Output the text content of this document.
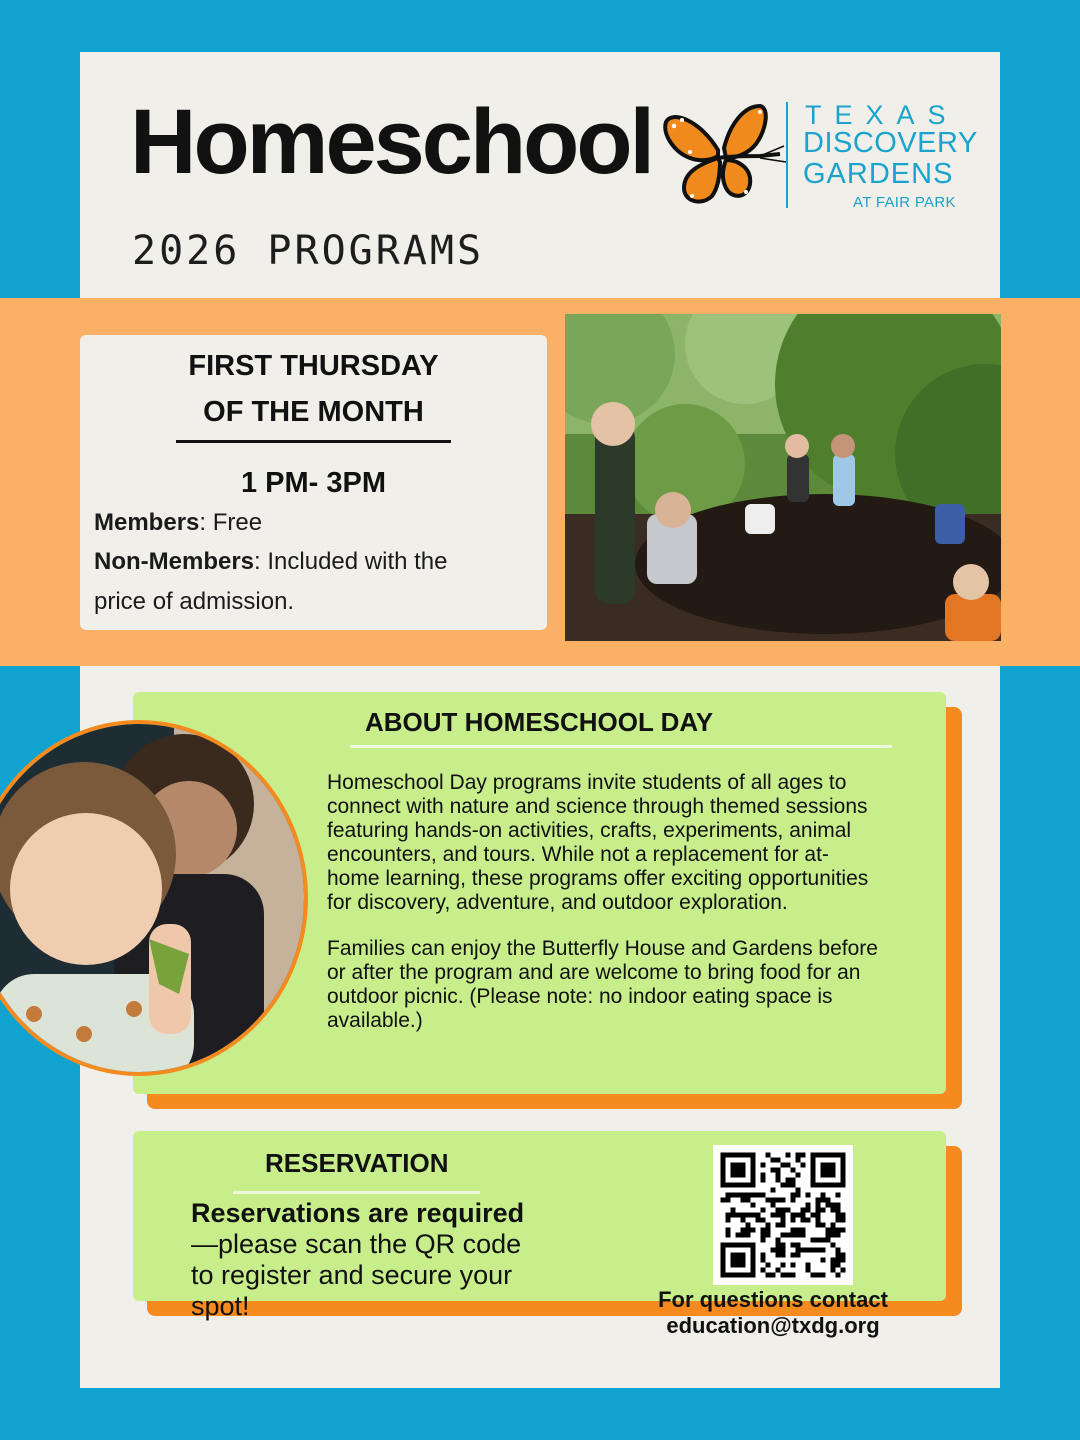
Homeschool
2026 PROGRAMS
TEXAS
DISCOVERY
GARDENS
AT FAIR PARK
FIRST THURSDAY
OF THE MONTH
1 PM- 3PM
Members: Free
Non-Members: Included with the
price of admission.
ABOUT HOMESCHOOL DAY
Homeschool Day programs invite students of all ages to
connect with nature and science through themed sessions
featuring hands-on activities, crafts, experiments, animal
encounters, and tours. While not a replacement for at-
home learning, these programs offer exciting opportunities
for discovery, adventure, and outdoor exploration.
Families can enjoy the Butterfly House and Gardens before
or after the program and are welcome to bring food for an
outdoor picnic. (Please note: no indoor eating space is
available.)
RESERVATION
Reservations are required—please scan the QR code to register and secure your spot!	For questions contact
education@txdg.org
